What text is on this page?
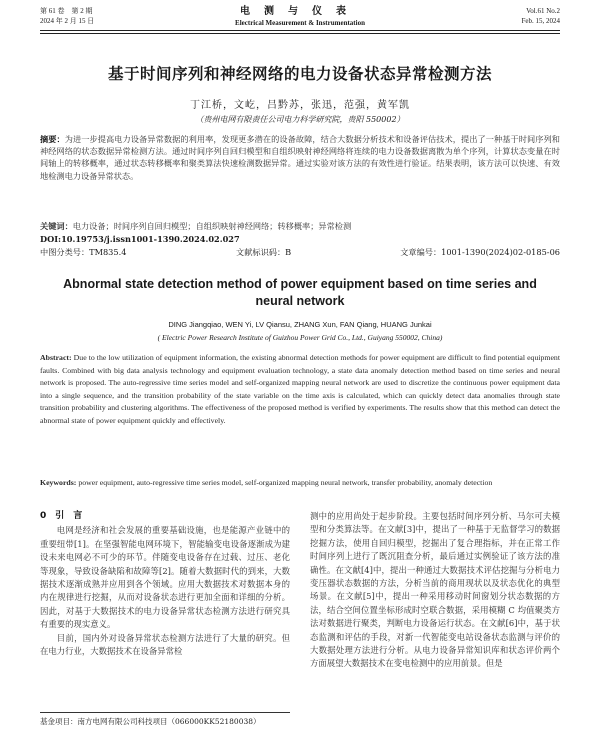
第 61 卷　第 2 期
2024 年 2 月 15 日
电测与仪表
Electrical Measurement & Instrumentation
Vol.61 No.2
Feb. 15, 2024
基于时间序列和神经网络的电力设备状态异常检测方法
丁江桥，文屹，吕黔苏，张迅，范强，黄军凯
（贵州电网有限责任公司电力科学研究院，贵阳 550002）
摘要：为进一步提高电力设备异常数据的利用率，发现更多潜在的设备故障，结合大数据分析技术和设备评估技术，提出了一种基于时间序列和神经网络的状态数据异常检测方法。通过时间序列自回归模型和自组织映射神经网络将连续的电力设备数据离散为单个序列，计算状态变量在时间轴上的转移概率，通过状态转移概率和聚类算法快速检测数据异常。通过实验对该方法的有效性进行验证。结果表明，该方法可以快速、有效地检测电力设备异常状态。
关键词：电力设备；时间序列自回归模型；自组织映射神经网络；转移概率；异常检测
DOI:10.19753/j.issn1001-1390.2024.02.027
中图分类号：TM835.4	文献标识码：B	文章编号：1001-1390(2024)02-0185-06
Abnormal state detection method of power equipment based on time series and neural network
DING Jiangqiao, WEN Yi, LV Qiansu, ZHANG Xun, FAN Qiang, HUANG Junkai
( Electric Power Research Institute of Guizhou Power Grid Co., Ltd., Guiyang 550002, China)
Abstract: Due to the low utilization of equipment information, the existing abnormal detection methods for power equipment are difficult to find potential equipment faults. Combined with big data analysis technology and equipment evaluation technology, a state data anomaly detection method based on time series and neural network is proposed. The auto-regressive time series model and self-organized mapping neural network are used to discretize the continuous power equipment data into a single sequence, and the transition probability of the state variable on the time axis is calculated, which can quickly detect data anomalies through state transition probability and clustering algorithms. The effectiveness of the proposed method is verified by experiments. The results show that this method can detect the abnormal state of power equipment quickly and effectively.
Keywords: power equipment, auto-regressive time series model, self-organized mapping neural network, transfer probability, anomaly detection
0　引　言

电网是经济和社会发展的重要基础设施，也是能源产业链中的重要纽带[1]。在坚强智能电网环境下，智能输变电设备逐渐成为建设未来电网必不可少的环节。伴随变电设备存在过载、过压、老化等现象，导致设备缺陷和故障等[2]。随着大数据时代的到来，大数据技术逐渐成熟并应用到各个领域。应用大数据技术对数据本身的内在规律进行挖掘，从而对设备状态进行更加全面和详细的分析。因此，对基于大数据技术的电力设备异常状态检测方法进行研究具有重要的现实意义。

目前，国内外对设备异常状态检测方法进行了大量的研究。但在电力行业，大数据技术在设备异常检

测中的应用尚处于起步阶段。主要包括时间序列分析、马尔可夫模型和分类算法等。在文献[3]中，提出了一种基于无监督学习的数据挖掘方法，使用自回归模型，挖掘出了复合理指标，并在正常工作时间序列上进行了既沉阻查分析，最后通过实例验证了该方法的准确性。在文献[4]中，提出一种通过大数据技术评估挖掘与分析电力变压器状态数据的方法，分析当前的商用现状以及状态优化的典型场景。在文献[5]中，提出一种采用移动时间窗划分状态数据的方法，结合空间位置坐标形成时空联合数据，采用模糊 C 均值聚类方法对数据进行聚类，判断电力设备运行状态。在文献[6]中，基于状态监测和评估的手段，对新一代智能变电站设备状态监测与评价的大数据处理方法进行分析。从电力设备异常知识库和状态评价两个方面展望大数据技术在变电检测中的应用前景。但是

基金项目：南方电网有限公司科技项目（066000KK52180038）
